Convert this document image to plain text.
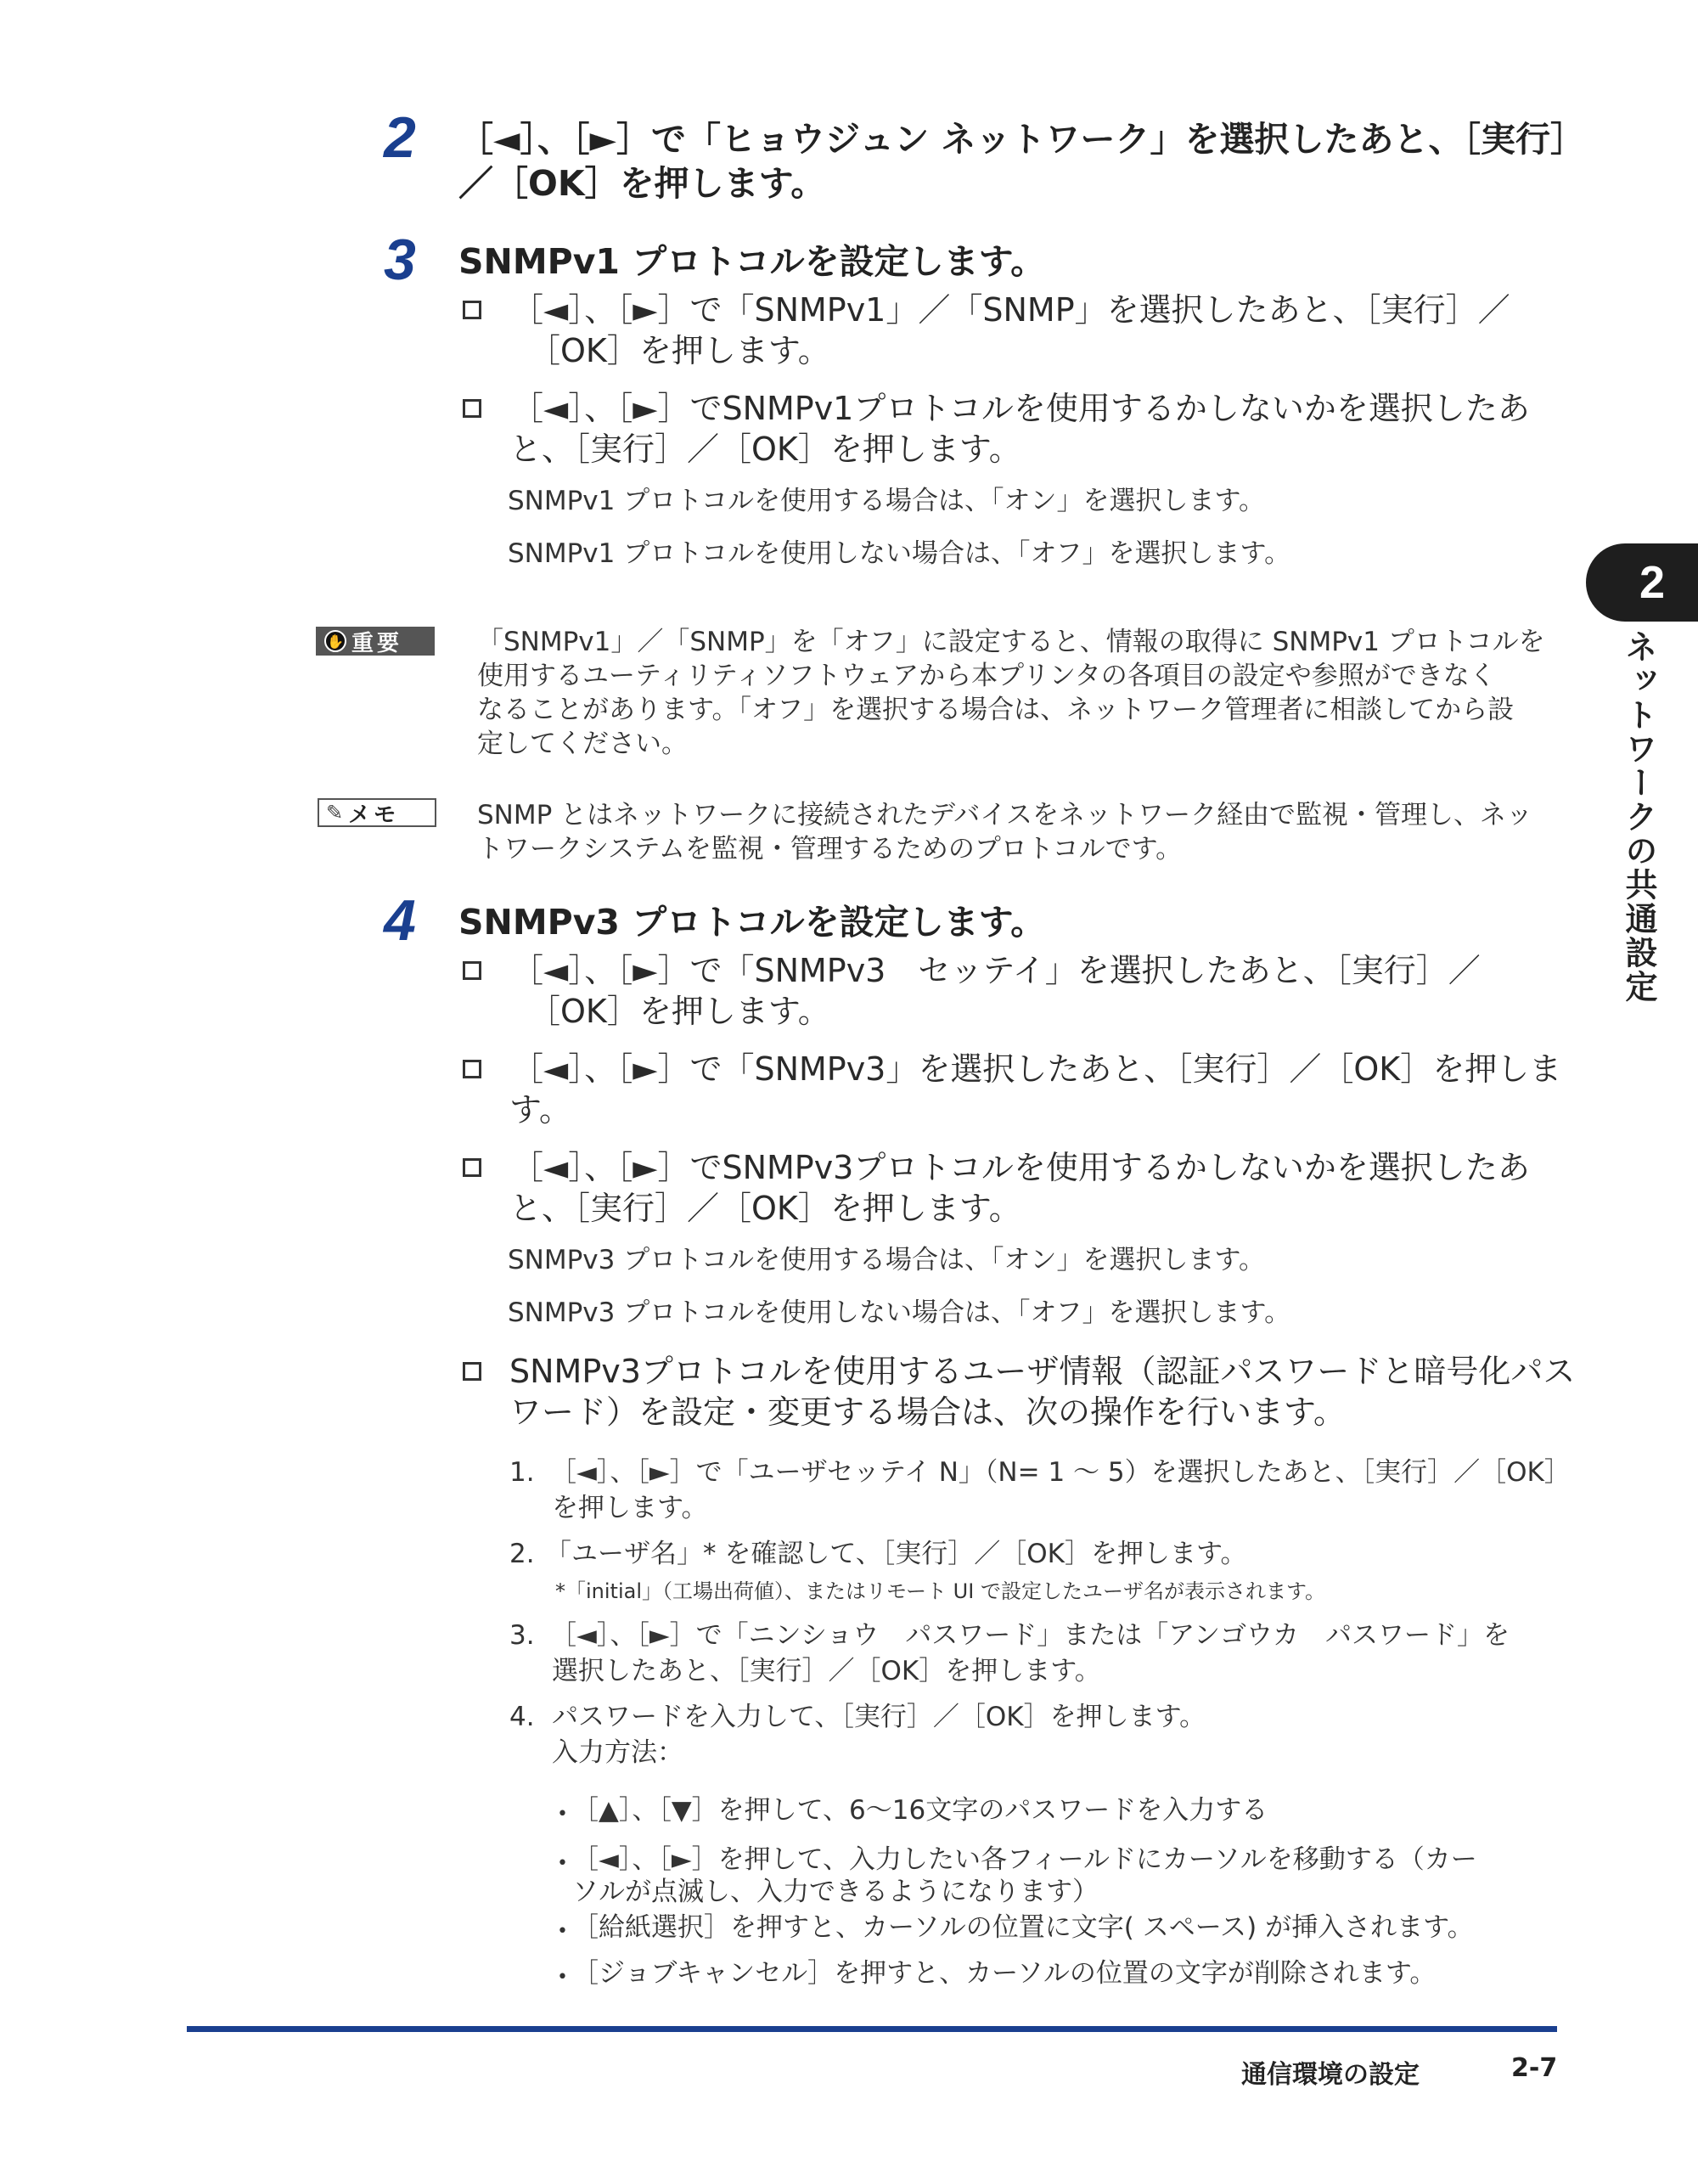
2 ［◄］、［►］で「ヒョウジュン ネットワーク」を選択したあと、［実行］
／［OK］を押します。
3 SNMPv1 プロトコルを設定します。
［◄］、［►］で「SNMPv1」／「SNMP」を選択したあと、［実行］／
［OK］を押します。
［◄］、［►］でSNMPv1プロトコルを使用するかしないかを選択したあ
と、［実行］／［OK］を押します。
SNMPv1 プロトコルを使用する場合は、「オン」を選択します。
SNMPv1 プロトコルを使用しない場合は、「オフ」を選択します。
✋ 重要	「SNMPv1」／「SNMP」を「オフ」に設定すると、情報の取得に SNMPv1 プロトコルを
使用するユーティリティソフトウェアから本プリンタの各項目の設定や参照ができなく
なることがあります。「オフ」を選択する場合は、ネットワーク管理者に相談してから設
定してください。
✎ メモ	SNMP とはネットワークに接続されたデバイスをネットワーク経由で監視・管理し、ネッ
トワークシステムを監視・管理するためのプロトコルです。
4 SNMPv3 プロトコルを設定します。
［◄］、［►］で「SNMPv3　セッテイ」を選択したあと、［実行］／
［OK］を押します。
［◄］、［►］で「SNMPv3」を選択したあと、［実行］／［OK］を押しま
す。
［◄］、［►］でSNMPv3プロトコルを使用するかしないかを選択したあ
と、［実行］／［OK］を押します。
SNMPv3 プロトコルを使用する場合は、「オン」を選択します。
SNMPv3 プロトコルを使用しない場合は、「オフ」を選択します。
SNMPv3プロトコルを使用するユーザ情報（認証パスワードと暗号化パス
ワード）を設定・変更する場合は、次の操作を行います。
1. ［◄］、［►］で「ユーザセッテイ N」（N= 1 ～ 5）を選択したあと、［実行］／［OK］
を押します。
2. 「ユーザ名」* を確認して、［実行］／［OK］を押します。
*「initial」（工場出荷値）、またはリモート UI で設定したユーザ名が表示されます。
3. ［◄］、［►］で「ニンショウ　パスワード」または「アンゴウカ　パスワード」を
選択したあと、［実行］／［OK］を押します。
4. パスワードを入力して、［実行］／［OK］を押します。
入力方法：
• ［▲］、［▼］を押して、6～16文字のパスワードを入力する
• ［◄］、［►］を押して、入力したい各フィールドにカーソルを移動する（カー
ソルが点滅し、入力できるようになります）
• ［給紙選択］を押すと、カーソルの位置に文字( スペース) が挿入されます。
• ［ジョブキャンセル］を押すと、カーソルの位置の文字が削除されます。
2
ネットワークの共通設定
通信環境の設定	2-7
